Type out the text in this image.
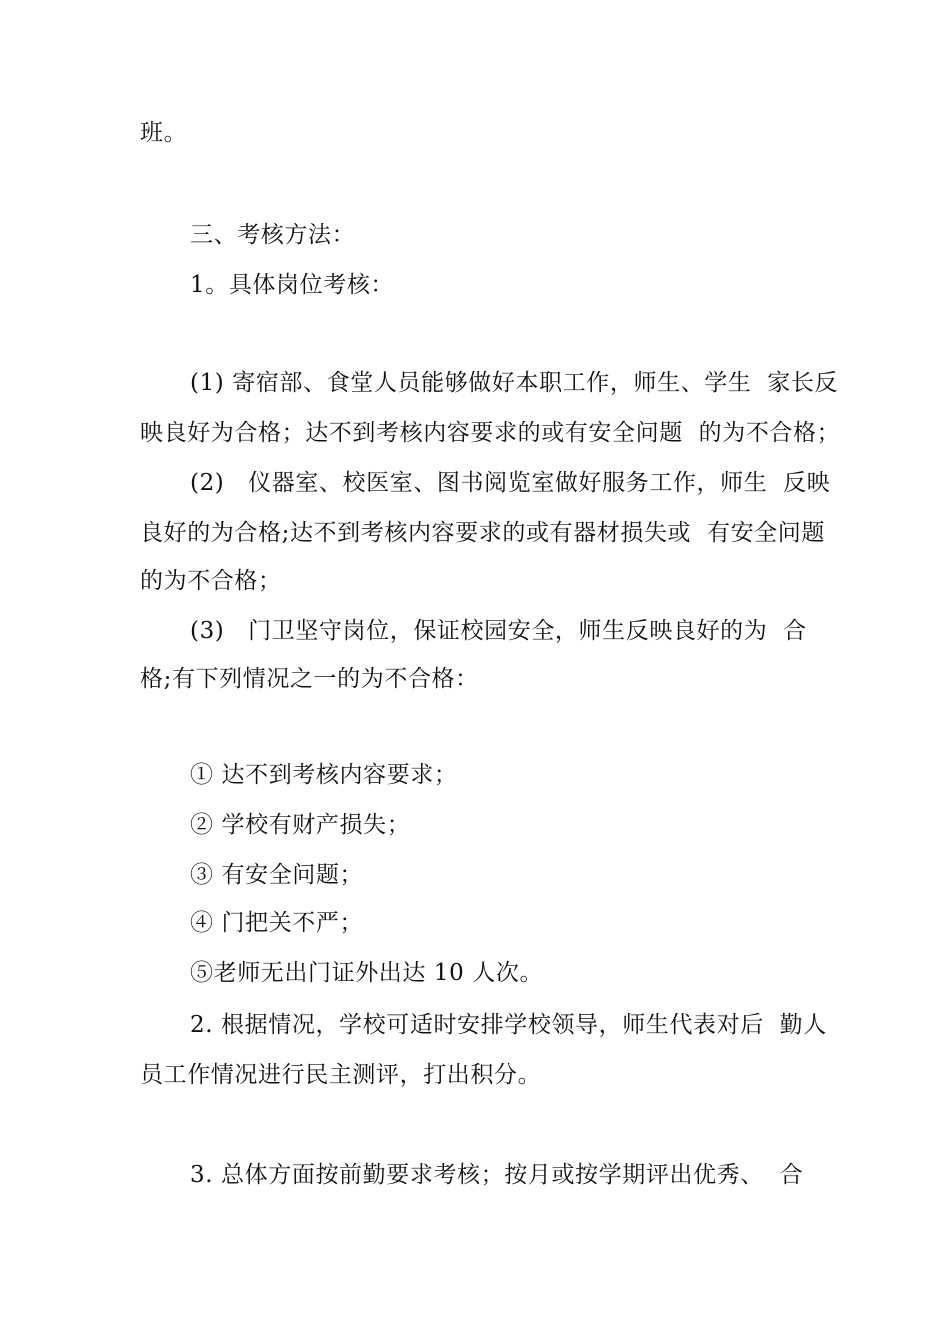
班。
三、考核方法：
1。具体岗位考核：
(1) 寄宿部、食堂人员能够做好本职工作，师生、学生  家长反
映良好为合格；达不到考核内容要求的或有安全问题  的为不合格；
(2)   仪器室、校医室、图书阅览室做好服务工作，师生  反映
良好的为合格;达不到考核内容要求的或有器材损失或  有安全问题
的为不合格；
(3)   门卫坚守岗位，保证校园安全，师生反映良好的为  合
格;有下列情况之一的为不合格：
① 达不到考核内容要求；
② 学校有财产损失；
③ 有安全问题；
④ 门把关不严；
⑤老师无出门证外出达 10 人次。
2. 根据情况，学校可适时安排学校领导，师生代表对后  勤人
员工作情况进行民主测评，打出积分。
3. 总体方面按前勤要求考核；按月或按学期评出优秀、  合
